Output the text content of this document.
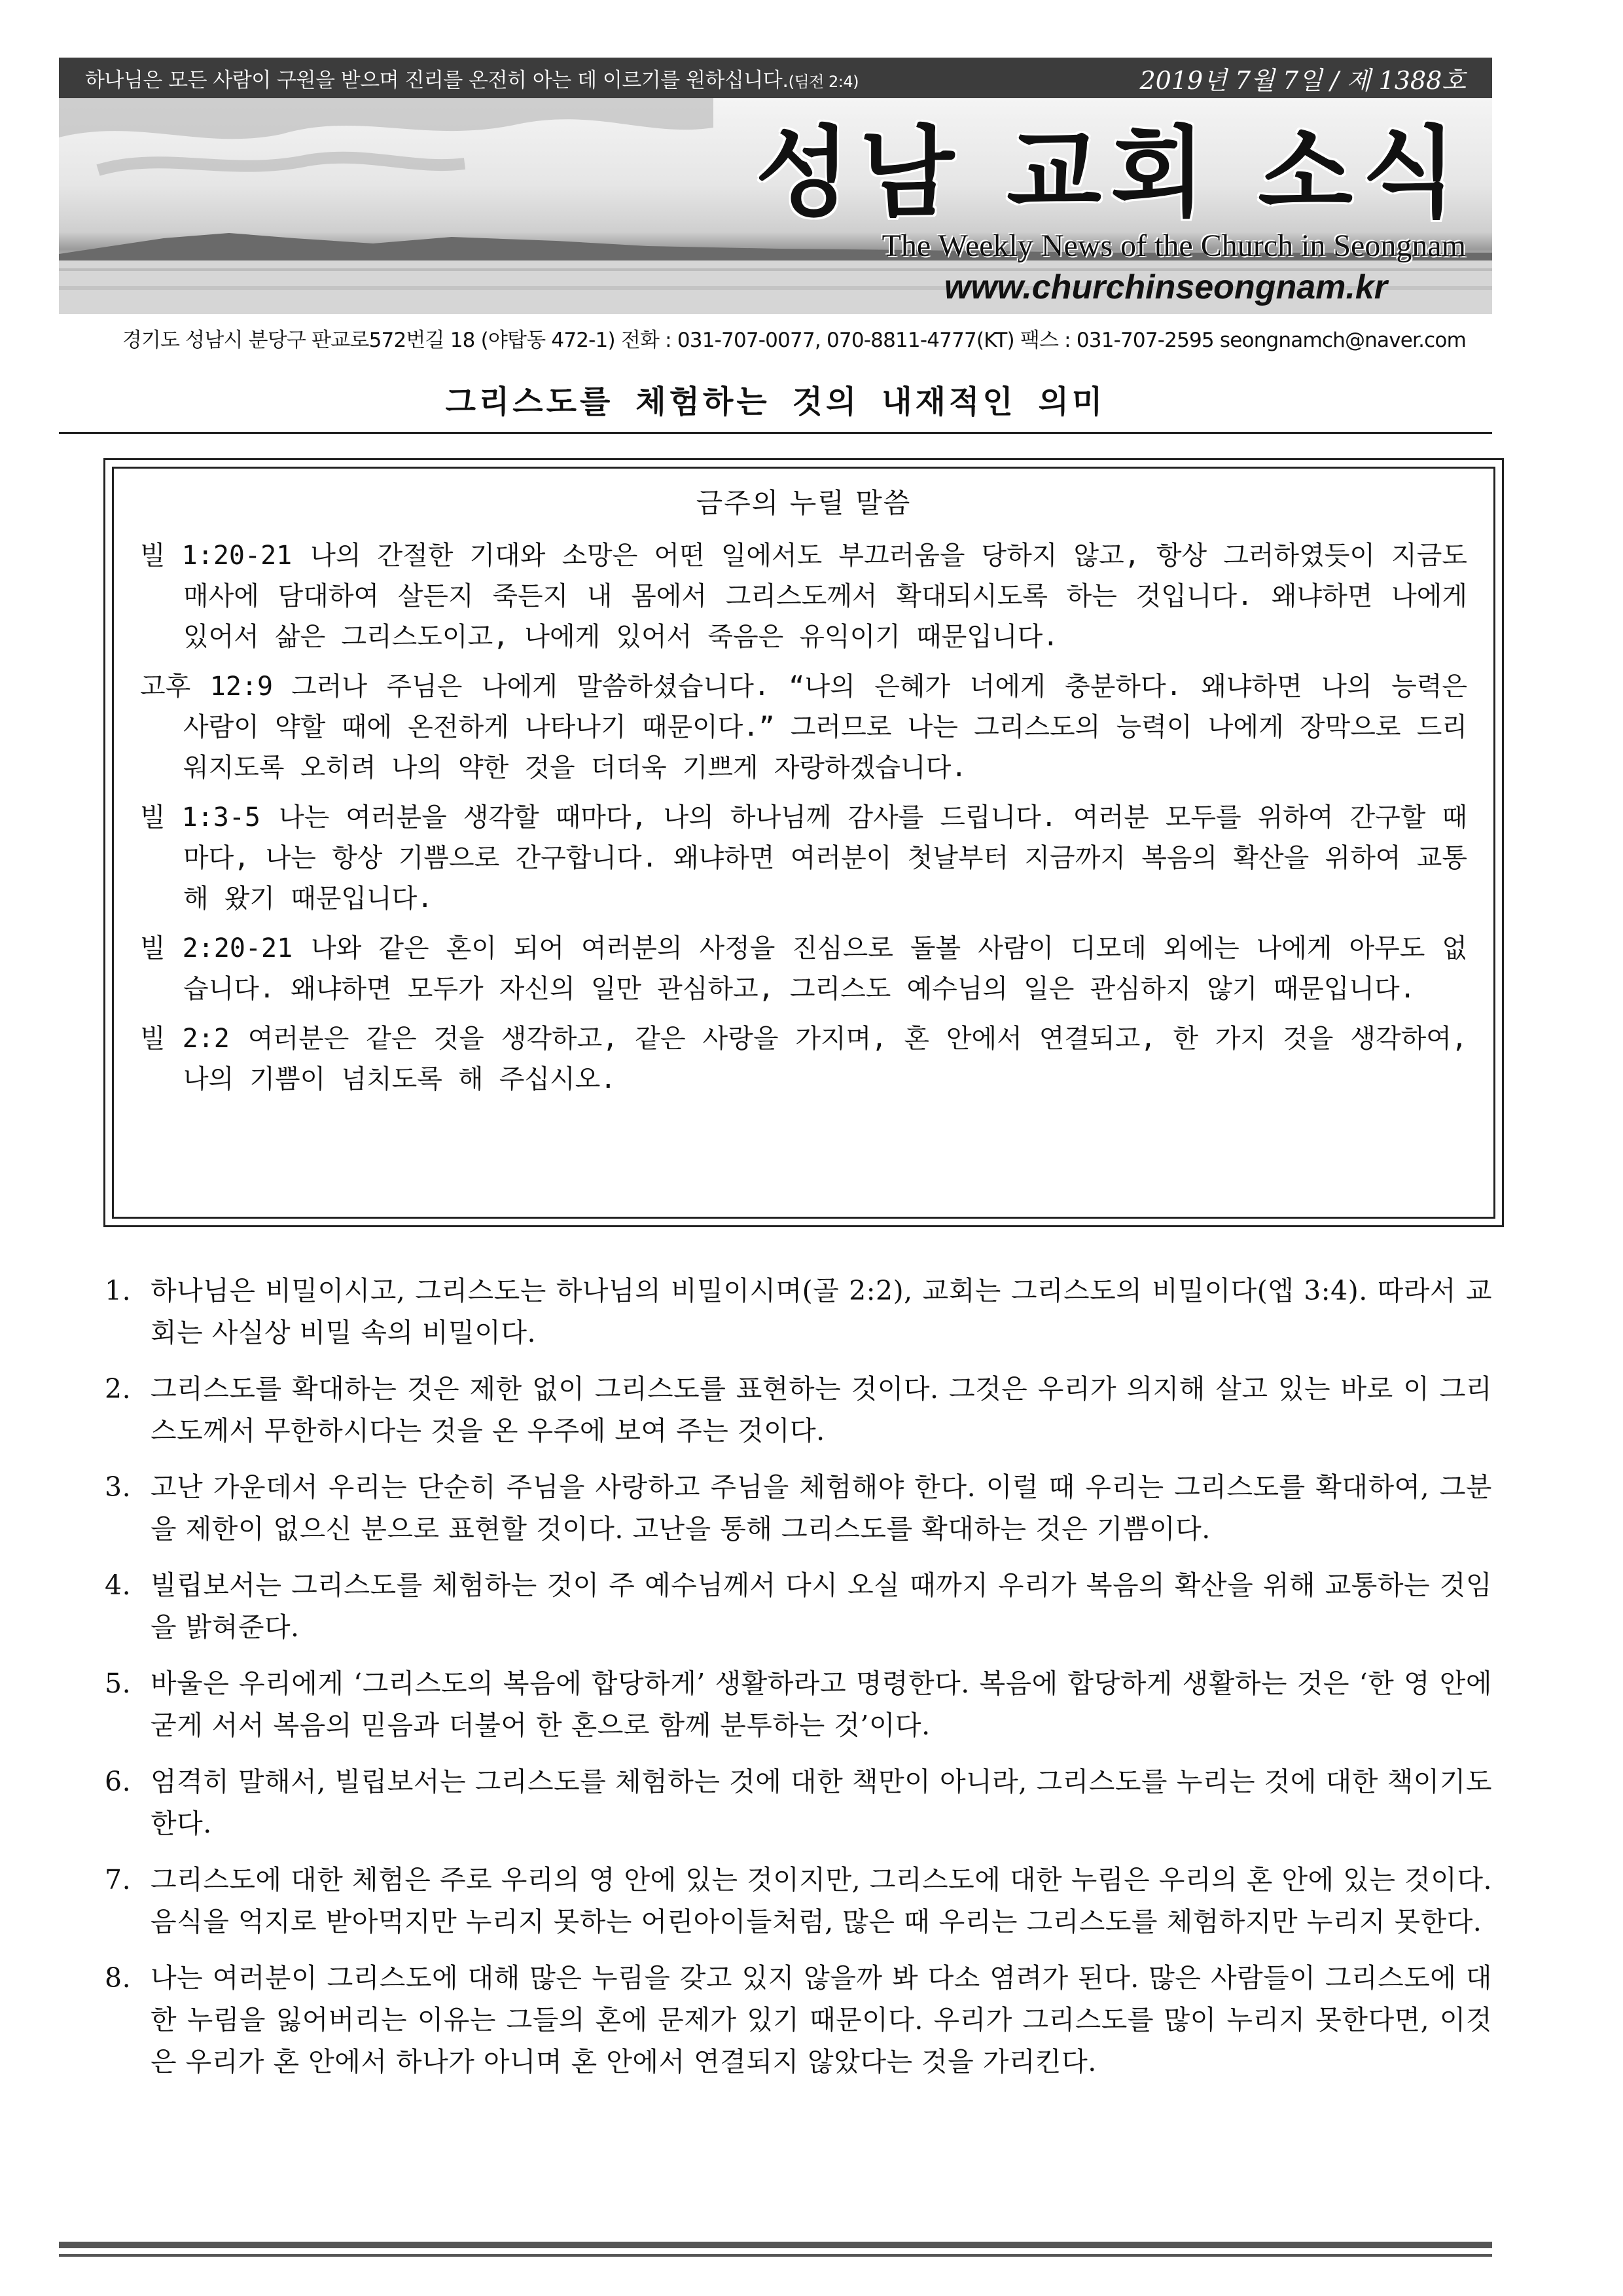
하나님은 모든 사람이 구원을 받으며 진리를 온전히 아는 데 이르기를 원하십니다.(딤전 2:4)	2019년 7월 7일 / 제 1388호
성남 교회 소식
The Weekly News of the Church in Seongnam
www.churchinseongnam.kr
경기도 성남시 분당구 판교로572번길 18 (야탑동 472-1) 전화 : 031-707-0077, 070-8811-4777(KT) 팩스 : 031-707-2595 seongnamch@naver.com
그리스도를 체험하는 것의 내재적인 의미
금주의 누릴 말씀
빌 1:20-21 나의 간절한 기대와 소망은 어떤 일에서도 부끄러움을 당하지 않고, 항상 그러하였듯이 지금도 매사에 담대하여 살든지 죽든지 내 몸에서 그리스도께서 확대되시도록 하는 것입니다. 왜냐하면 나에게 있어서 삶은 그리스도이고, 나에게 있어서 죽음은 유익이기 때문입니다.
고후 12:9 그러나 주님은 나에게 말씀하셨습니다. “나의 은혜가 너에게 충분하다. 왜냐하면 나의 능력은 사람이 약할 때에 온전하게 나타나기 때문이다.” 그러므로 나는 그리스도의 능력이 나에게 장막으로 드리워지도록 오히려 나의 약한 것을 더더욱 기쁘게 자랑하겠습니다.
빌 1:3-5 나는 여러분을 생각할 때마다, 나의 하나님께 감사를 드립니다. 여러분 모두를 위하여 간구할 때마다, 나는 항상 기쁨으로 간구합니다. 왜냐하면 여러분이 첫날부터 지금까지 복음의 확산을 위하여 교통해 왔기 때문입니다.
빌 2:20-21 나와 같은 혼이 되어 여러분의 사정을 진심으로 돌볼 사람이 디모데 외에는 나에게 아무도 없습니다. 왜냐하면 모두가 자신의 일만 관심하고, 그리스도 예수님의 일은 관심하지 않기 때문입니다.
빌 2:2 여러분은 같은 것을 생각하고, 같은 사랑을 가지며, 혼 안에서 연결되고, 한 가지 것을 생각하여, 나의 기쁨이 넘치도록 해 주십시오.
1. 하나님은 비밀이시고, 그리스도는 하나님의 비밀이시며(골 2:2), 교회는 그리스도의 비밀이다(엡 3:4). 따라서 교회는 사실상 비밀 속의 비밀이다.
2. 그리스도를 확대하는 것은 제한 없이 그리스도를 표현하는 것이다. 그것은 우리가 의지해 살고 있는 바로 이 그리스도께서 무한하시다는 것을 온 우주에 보여 주는 것이다.
3. 고난 가운데서 우리는 단순히 주님을 사랑하고 주님을 체험해야 한다. 이럴 때 우리는 그리스도를 확대하여, 그분을 제한이 없으신 분으로 표현할 것이다. 고난을 통해 그리스도를 확대하는 것은 기쁨이다.
4. 빌립보서는 그리스도를 체험하는 것이 주 예수님께서 다시 오실 때까지 우리가 복음의 확산을 위해 교통하는 것임을 밝혀준다.
5. 바울은 우리에게 ‘그리스도의 복음에 합당하게’ 생활하라고 명령한다. 복음에 합당하게 생활하는 것은 ‘한 영 안에 굳게 서서 복음의 믿음과 더불어 한 혼으로 함께 분투하는 것’이다.
6. 엄격히 말해서, 빌립보서는 그리스도를 체험하는 것에 대한 책만이 아니라, 그리스도를 누리는 것에 대한 책이기도 한다.
7. 그리스도에 대한 체험은 주로 우리의 영 안에 있는 것이지만, 그리스도에 대한 누림은 우리의 혼 안에 있는 것이다. 음식을 억지로 받아먹지만 누리지 못하는 어린아이들처럼, 많은 때 우리는 그리스도를 체험하지만 누리지 못한다.
8. 나는 여러분이 그리스도에 대해 많은 누림을 갖고 있지 않을까 봐 다소 염려가 된다. 많은 사람들이 그리스도에 대한 누림을 잃어버리는 이유는 그들의 혼에 문제가 있기 때문이다. 우리가 그리스도를 많이 누리지 못한다면, 이것은 우리가 혼 안에서 하나가 아니며 혼 안에서 연결되지 않았다는 것을 가리킨다.
